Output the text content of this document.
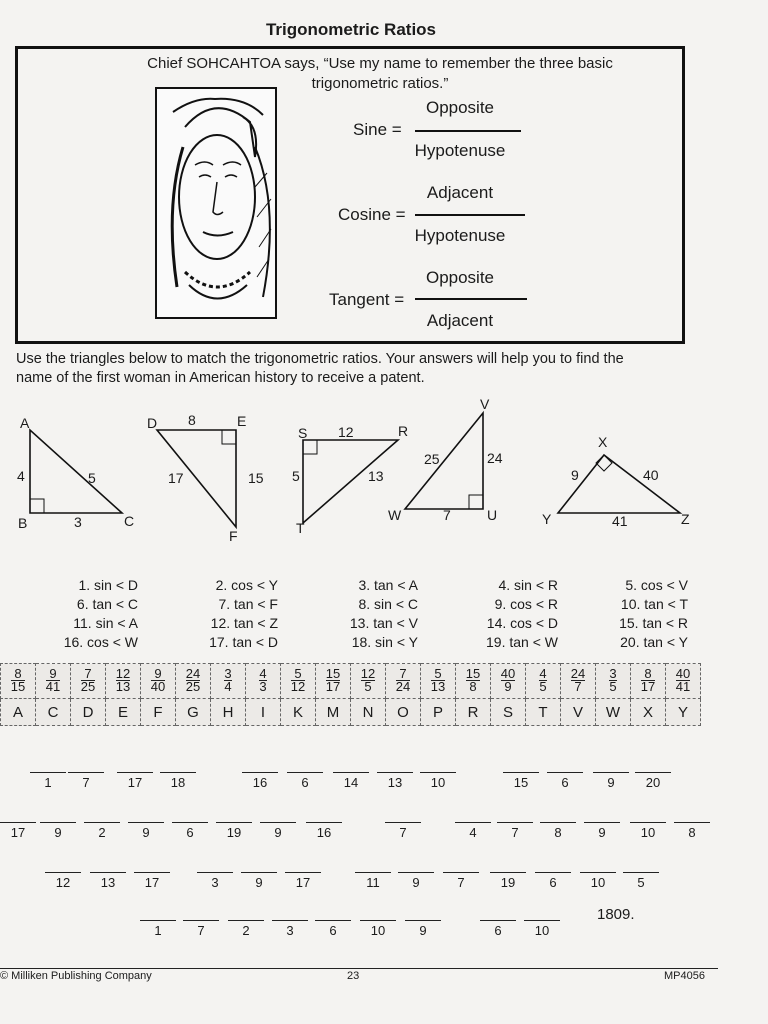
Trigonometric Ratios
Chief SOHCAHTOA says, “Use my name to remember the three basic
trigonometric ratios.”
Sine =
Opposite
Hypotenuse
Cosine =
Adjacent
Hypotenuse
Tangent =
Opposite
Adjacent
Use the triangles below to match the trigonometric ratios. Your answers will help you to find the
name of the first woman in American history to receive a patent.
A
B	C
4	5
3
D	E
F
8
17	15
S	R
T
12
5	13
V
W	U
25	24
7
X
Y	Z
9	40
41
1. sin < D
6. tan < C
11. sin < A
16. cos < W
2. cos < Y
7. tan < F
12. tan < Z
17. tan < D
3. tan < A
8. sin < C
13. tan < V
18. sin < Y
4. sin < R
9. cos < R
14. cos < D
19. tan < W
5. cos < V
10. tan < T
15. tan < R
20. tan < Y
$\frac{8}{15}$	$\frac{9}{41}$	$\frac{7}{25}$	$\frac{12}{13}$	$\frac{9}{40}$	$\frac{24}{25}$	$\frac{3}{4}$	$\frac{4}{3}$	$\frac{5}{12}$	$\frac{15}{17}$	$\frac{12}{5}$	$\frac{7}{24}$	$\frac{5}{13}$	$\frac{15}{8}$	$\frac{40}{9}$	$\frac{4}{5}$	$\frac{24}{7}$	$\frac{3}{5}$	$\frac{8}{17}$	$\frac{40}{41}$

A	C	D	E	F	G	H	I	K	M	N	O	P	R	S	T	V	W	X	Y
1	7	17	18	16	6	14	13	10	15	6	9	20
17	9	2	9	6	19	9	16	7	4	7	8	9	10	8
12	13	17	3	9	17	11	9	7	19	6	10	5
1	7	2	3	6	10	9	6	10
1809.
© Milliken Publishing Company	23	MP4056
